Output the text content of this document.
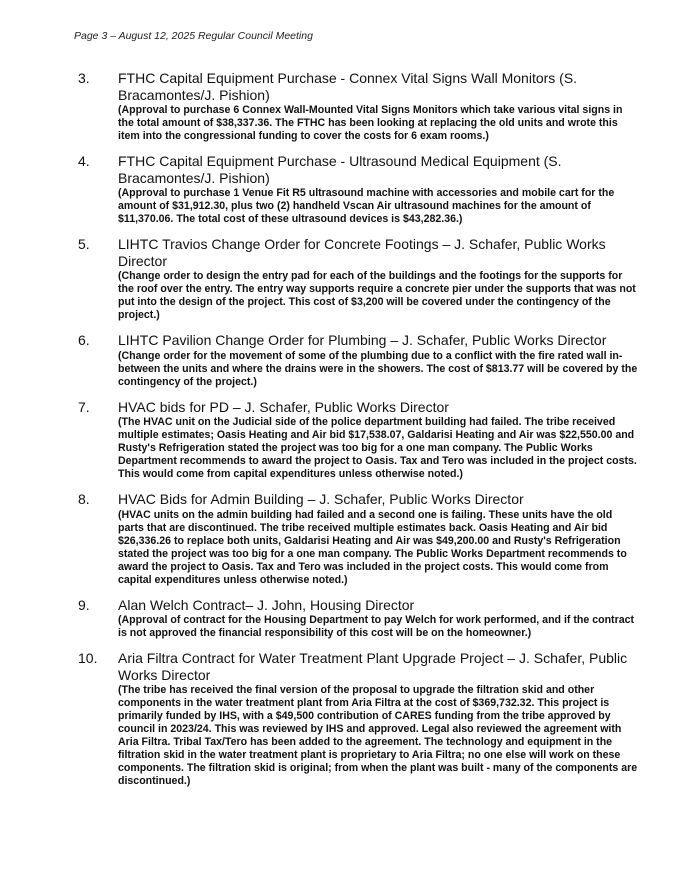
Page 3 – August 12, 2025 Regular Council Meeting
3.	FTHC Capital Equipment Purchase - Connex Vital Signs Wall Monitors (S. Bracamontes/J. Pishion)
(Approval to purchase 6 Connex Wall-Mounted Vital Signs Monitors which take various vital signs in the total amount of $38,337.36. The FTHC has been looking at replacing the old units and wrote this item into the congressional funding to cover the costs for 6 exam rooms.)
4.	FTHC Capital Equipment Purchase - Ultrasound Medical Equipment (S. Bracamontes/J. Pishion)
(Approval to purchase 1 Venue Fit R5 ultrasound machine with accessories and mobile cart for the amount of $31,912.30, plus two (2) handheld Vscan Air ultrasound machines for the amount of $11,370.06. The total cost of these ultrasound devices is $43,282.36.)
5.	LIHTC Travios Change Order for Concrete Footings – J. Schafer, Public Works Director
(Change order to design the entry pad for each of the buildings and the footings for the supports for the roof over the entry. The entry way supports require a concrete pier under the supports that was not put into the design of the project. This cost of $3,200 will be covered under the contingency of the project.)
6.	LIHTC Pavilion Change Order for Plumbing – J. Schafer, Public Works Director
(Change order for the movement of some of the plumbing due to a conflict with the fire rated wall in-between the units and where the drains were in the showers. The cost of $813.77 will be covered by the contingency of the project.)
7.	HVAC bids for PD – J. Schafer, Public Works Director
(The HVAC unit on the Judicial side of the police department building had failed. The tribe received multiple estimates; Oasis Heating and Air bid $17,538.07, Galdarisi Heating and Air was $22,550.00 and Rusty's Refrigeration stated the project was too big for a one man company. The Public Works Department recommends to award the project to Oasis. Tax and Tero was included in the project costs. This would come from capital expenditures unless otherwise noted.)
8.	HVAC Bids for Admin Building – J. Schafer, Public Works Director
(HVAC units on the admin building had failed and a second one is failing. These units have the old parts that are discontinued. The tribe received multiple estimates back. Oasis Heating and Air bid $26,336.26 to replace both units, Galdarisi Heating and Air was $49,200.00 and Rusty's Refrigeration stated the project was too big for a one man company. The Public Works Department recommends to award the project to Oasis. Tax and Tero was included in the project costs. This would come from capital expenditures unless otherwise noted.)
9.	Alan Welch Contract– J. John, Housing Director
(Approval of contract for the Housing Department to pay Welch for work performed, and if the contract is not approved the financial responsibility of this cost will be on the homeowner.)
10.	Aria Filtra Contract for Water Treatment Plant Upgrade Project – J. Schafer, Public Works Director
(The tribe has received the final version of the proposal to upgrade the filtration skid and other components in the water treatment plant from Aria Filtra at the cost of $369,732.32. This project is primarily funded by IHS, with a $49,500 contribution of CARES funding from the tribe approved by council in 2023/24. This was reviewed by IHS and approved. Legal also reviewed the agreement with Aria Filtra. Tribal Tax/Tero has been added to the agreement. The technology and equipment in the filtration skid in the water treatment plant is proprietary to Aria Filtra; no one else will work on these components. The filtration skid is original; from when the plant was built - many of the components are discontinued.)
